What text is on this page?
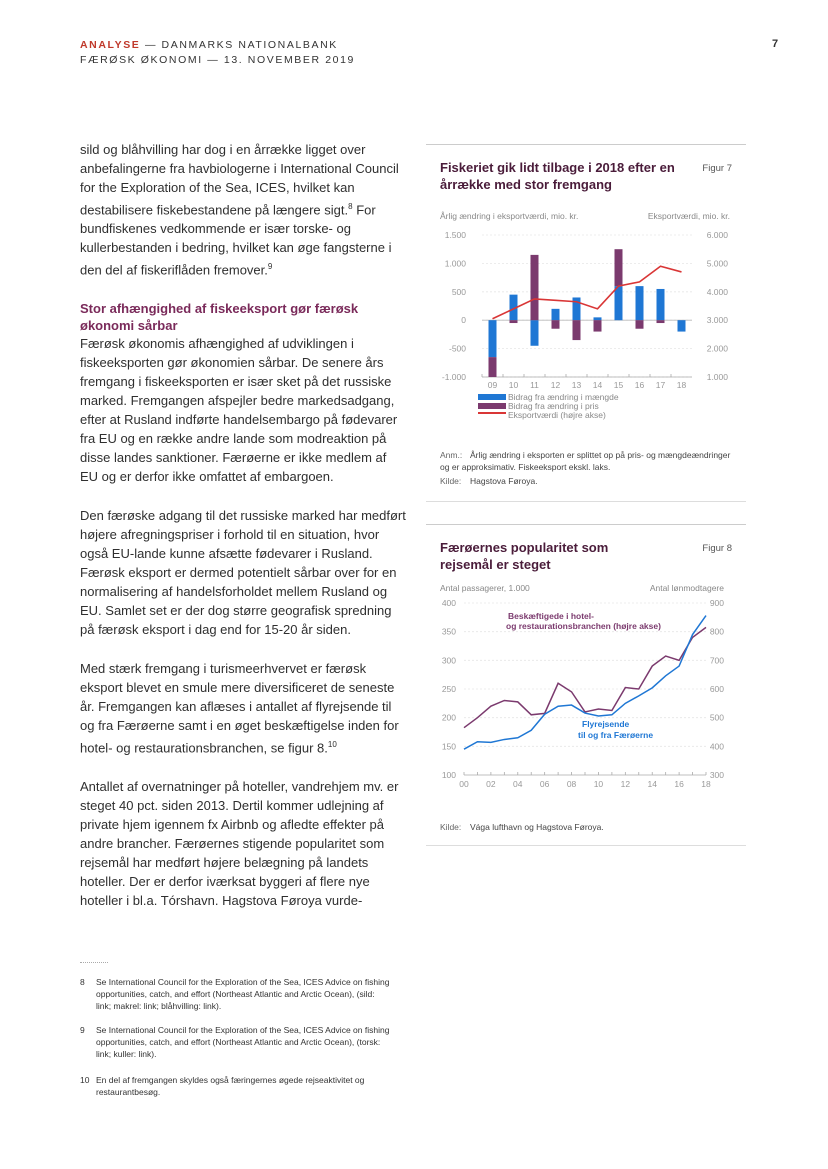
ANALYSE — DANMARKS NATIONALBANK
FÆRØSK ØKONOMI — 13. NOVEMBER 2019
7

sild og blåhvilling har dog i en årrække ligget over anbefalingerne fra havbiologerne i International Council for the Exploration of the Sea, ICES, hvilket kan destabilisere fiskebestandene på længere sigt.$^8$ For bundfiskenes vedkommende er især torske- og kullerbestanden i bedring, hvilket kan øge fangsterne i den del af fiskeriflåden fremover.$^9$

Stor afhængighed af fiskeeksport gør færøsk økonomi sårbar

Færøsk økonomis afhængighed af udviklingen i fiskeeksporten gør økonomien sårbar. De senere års fremgang i fiskeeksporten er især sket på det russiske marked. Fremgangen afspejler bedre markedsadgang, efter at Rusland indførte handelsembargo på fødevarer fra EU og en række andre lande som modreaktion på disse landes sanktioner. Færøerne er ikke medlem af EU og er derfor ikke omfattet af embargoen.

Den færøske adgang til det russiske marked har medført højere afregningspriser i forhold til en situation, hvor også EU-lande kunne afsætte fødevarer i Rusland. Færøsk eksport er dermed potentielt sårbar over for en normalisering af handelsforholdet mellem Rusland og EU. Samlet set er der dog større geografisk spredning på færøsk eksport i dag end for 15-20 år siden.

Med stærk fremgang i turismeerhvervet er færøsk eksport blevet en smule mere diversificeret de seneste år. Fremgangen kan aflæses i antallet af flyrejsende til og fra Færøerne samt i en øget beskæftigelse inden for hotel- og restaurationsbranchen, se figur 8.10

Antallet af overnatninger på hoteller, vandrehjem mv. er steget 40 pct. siden 2013. Dertil kommer udlejning af private hjem igennem fx Airbnb og afledte effekter på andre brancher. Færøernes stigende popularitet som rejsemål har medført højere belægning på landets hoteller. Der er derfor iværksat byggeri af flere nye hoteller i bl.a. Tórshavn. Hagstova Føroya vurde-

Fiskeriet gik lidt tilbage i 2018 efter en årrække med stor fremgang
Figur 7
Årlig ændring i eksportværdi, mio. kr.	Eksportværdi, mio. kr.
1.500
1.000
500
0
-500
-1.000
6.000
5.000
4.000
3.000
2.000
1.000
09 10 11 12 13 14 15 16 17 18
Bidrag fra ændring i mængde
Bidrag fra ændring i pris
Eksportværdi (højre akse)
Anm.: Årlig ændring i eksporten er splittet op på pris- og mængdeændringer og er approksimativ. Fiskeeksport ekskl. laks.
Kilde: Hagstova Føroya.
Færøernes popularitet som rejsemål er steget
Figur 8
Antal passagerer, 1.000	Antal lønmodtagere
400
350
300
250
200
150
100
900
800
700
600
500
400
300
00 02 04 06 08 10 12 14 16 18
Beskæftigede i hotel-
og restaurationsbranchen (højre akse)
Flyrejsende
til og fra Færøerne
Kilde: Vága lufthavn og Hagstova Føroya.
8 Se International Council for the Exploration of the Sea, ICES Advice on fishing opportunities, catch, and effort (Northeast Atlantic and Arctic Ocean), (sild: link; makrel: link; blåhvilling: link).
9 Se International Council for the Exploration of the Sea, ICES Advice on fishing opportunities, catch, and effort (Northeast Atlantic and Arctic Ocean), (torsk: link; kuller: link).
10 En del af fremgangen skyldes også færingernes øgede rejseaktivitet og restaurantbesøg.
